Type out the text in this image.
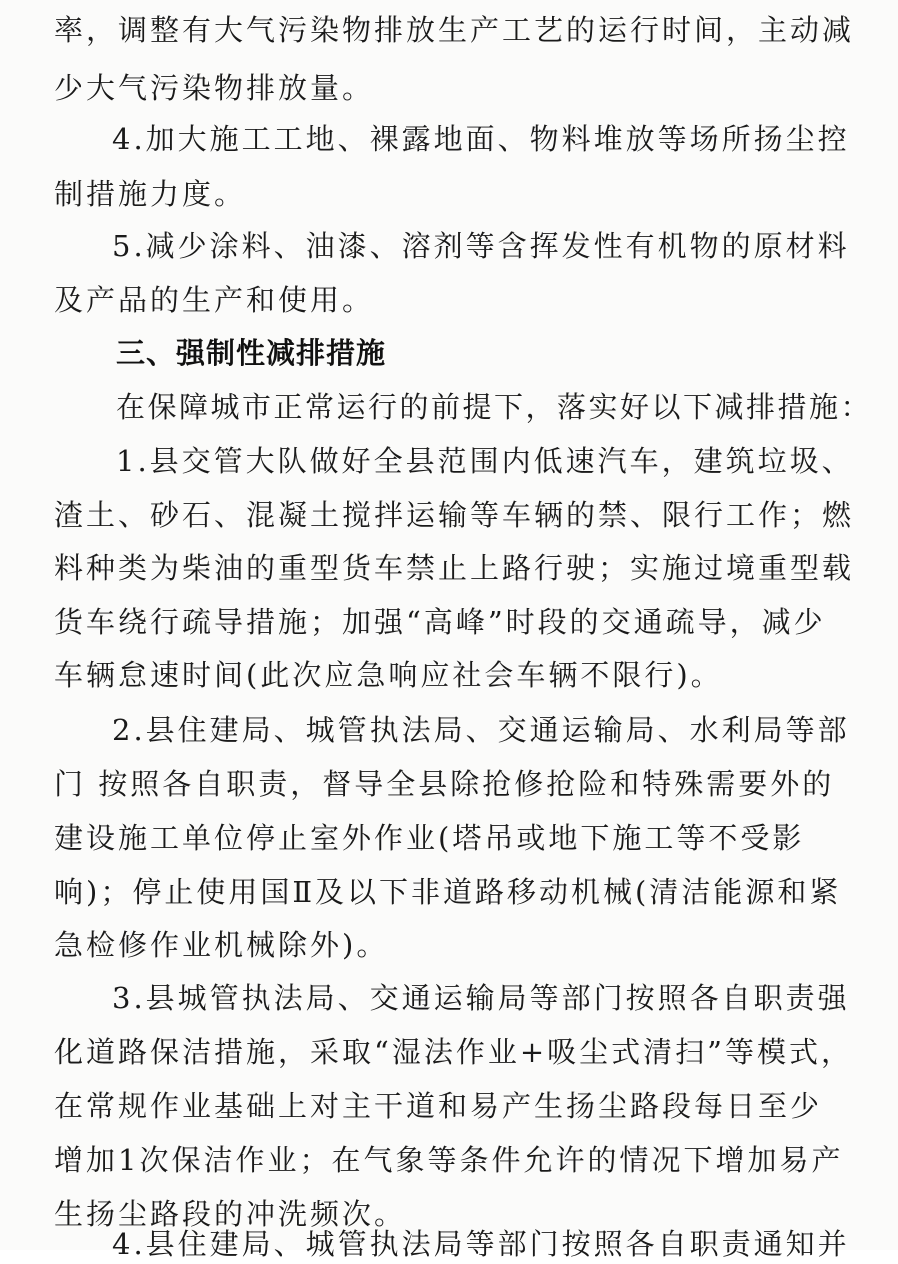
率，调整有大气污染物排放生产工艺的运行时间，主动减
少大气污染物排放量。
4.加大施工工地、裸露地面、物料堆放等场所扬尘控
制措施力度。
5.减少涂料、油漆、溶剂等含挥发性有机物的原材料
及产品的生产和使用。
三、强制性减排措施
在保障城市正常运行的前提下，落实好以下减排措施：
1.县交管大队做好全县范围内低速汽车，建筑垃圾、
渣土、砂石、混凝土搅拌运输等车辆的禁、限行工作；燃
料种类为柴油的重型货车禁止上路行驶；实施过境重型载
货车绕行疏导措施；加强“高峰”时段的交通疏导，减少
车辆怠速时间(此次应急响应社会车辆不限行)。
2.县住建局、城管执法局、交通运输局、水利局等部
门 按照各自职责，督导全县除抢修抢险和特殊需要外的
建设施工单位停止室外作业(塔吊或地下施工等不受影
响)；停止使用国Ⅱ及以下非道路移动机械(清洁能源和紧
急检修作业机械除外)。
3.县城管执法局、交通运输局等部门按照各自职责强
化道路保洁措施，采取“湿法作业+吸尘式清扫”等模式，
在常规作业基础上对主干道和易产生扬尘路段每日至少
增加1次保洁作业；在气象等条件允许的情况下增加易产
生扬尘路段的冲洗频次。
4.县住建局、城管执法局等部门按照各自职责通知并
